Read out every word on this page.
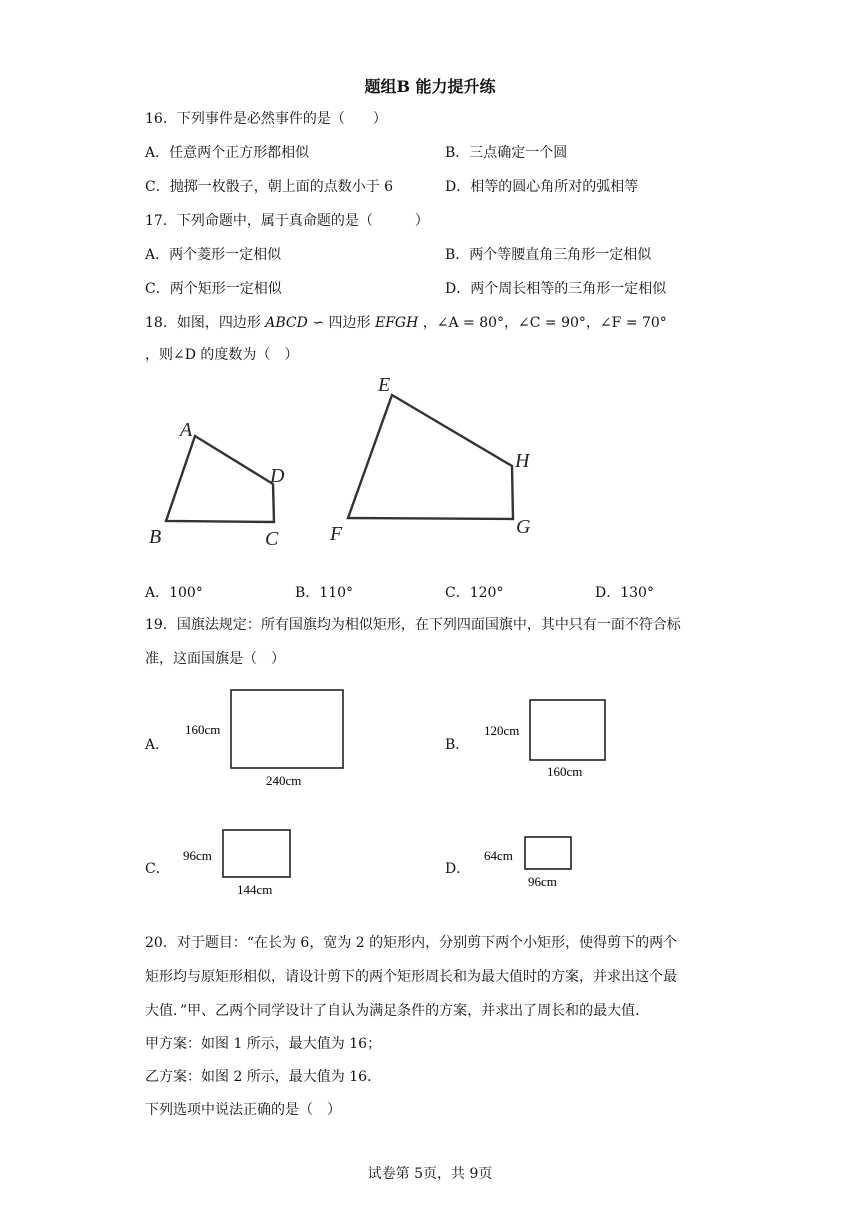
题组B 能力提升练
16．下列事件是必然事件的是（　　）
A．任意两个正方形都相似	B．三点确定一个圆
C．抛掷一枚骰子，朝上面的点数小于 6	D．相等的圆心角所对的弧相等
17．下列命题中，属于真命题的是（　　　）
A．两个菱形一定相似	B．两个等腰直角三角形一定相似
C．两个矩形一定相似	D．两个周长相等的三角形一定相似
18．如图，四边形 ABCD ∽ 四边形 EFGH ，∠A = 80°，∠C = 90°，∠F = 70°
，则∠D 的度数为（　）
A
B	C
D
E
F	G
H
A．100°	B．110°	C．120°	D．130°
19．国旗法规定：所有国旗均为相似矩形，在下列四面国旗中，其中只有一面不符合标
准，这面国旗是（　）
A．
160cm
240cm
B．
120cm
160cm
C．
96cm
144cm
D．
64cm
96cm
20．对于题目：“在长为 6，宽为 2 的矩形内，分别剪下两个小矩形，使得剪下的两个
矩形均与原矩形相似，请设计剪下的两个矩形周长和为最大值时的方案，并求出这个最
大值．”甲、乙两个同学设计了自认为满足条件的方案，并求出了周长和的最大值．
甲方案：如图 1 所示，最大值为 16；
乙方案：如图 2 所示，最大值为 16．
下列选项中说法正确的是（　）
试卷第 5页，共 9页
